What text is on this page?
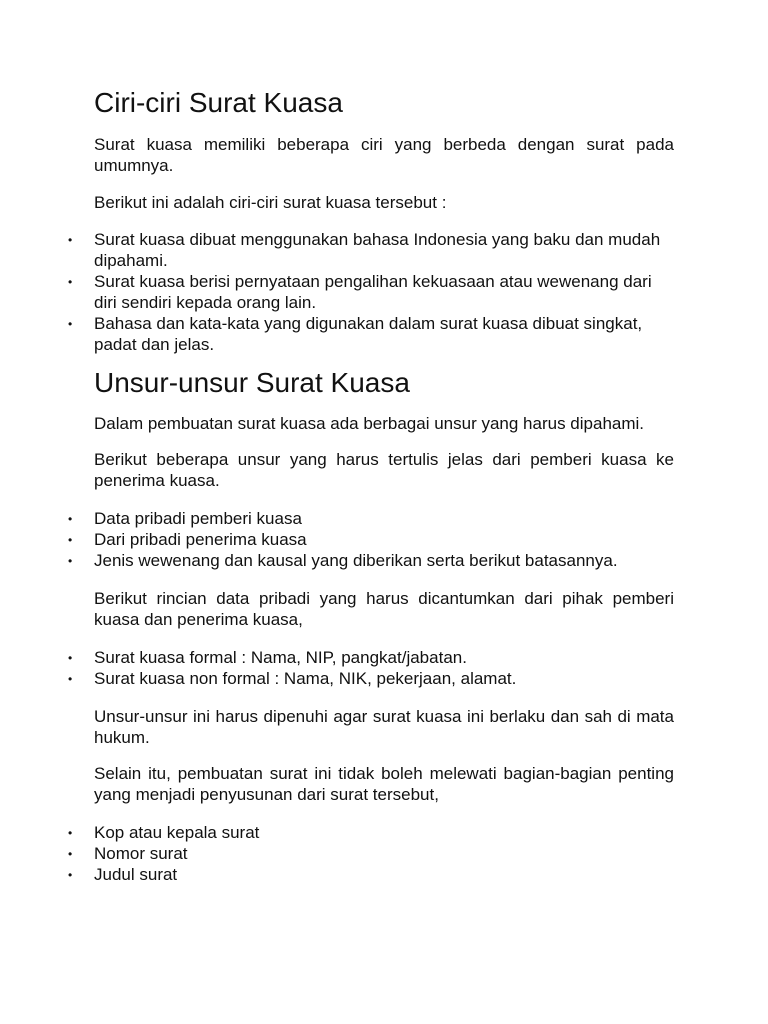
Ciri-ciri Surat Kuasa

Surat kuasa memiliki beberapa ciri yang berbeda dengan surat pada umumnya.

Berikut ini adalah ciri-ciri surat kuasa tersebut :

• Surat kuasa dibuat menggunakan bahasa Indonesia yang baku dan mudah dipahami.
• Surat kuasa berisi pernyataan pengalihan kekuasaan atau wewenang dari diri sendiri kepada orang lain.
• Bahasa dan kata-kata yang digunakan dalam surat kuasa dibuat singkat, padat dan jelas.
Unsur-unsur Surat Kuasa

Dalam pembuatan surat kuasa ada berbagai unsur yang harus dipahami.

Berikut beberapa unsur yang harus tertulis jelas dari pemberi kuasa ke penerima kuasa.

• Data pribadi pemberi kuasa
• Dari pribadi penerima kuasa
• Jenis wewenang dan kausal yang diberikan serta berikut batasannya.

Berikut rincian data pribadi yang harus dicantumkan dari pihak pemberi kuasa dan penerima kuasa,

• Surat kuasa formal : Nama, NIP, pangkat/jabatan.
• Surat kuasa non formal : Nama, NIK, pekerjaan, alamat.

Unsur-unsur ini harus dipenuhi agar surat kuasa ini berlaku dan sah di mata hukum.

Selain itu, pembuatan surat ini tidak boleh melewati bagian-bagian penting yang menjadi penyusunan dari surat tersebut,

• Kop atau kepala surat
• Nomor surat
• Judul surat
